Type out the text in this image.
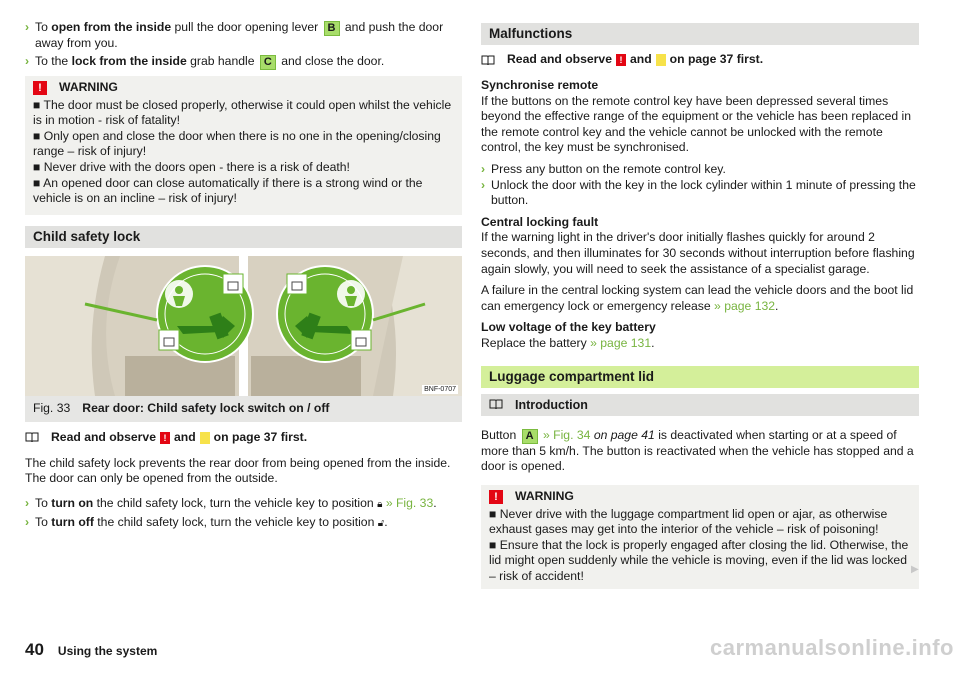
› To open from the inside pull the door opening lever B and push the door away from you.

› To the lock from the inside grab handle C and close the door.

!	WARNING

■ The door must be closed properly, otherwise it could open whilst the vehicle is in motion - risk of fatality!

■ Only open and close the door when there is no one in the opening/closing range – risk of injury!

■ Never drive with the doors open - there is a risk of death!

■ An opened door can close automatically if there is a strong wind or the vehicle is on an incline – risk of injury!

Child safety lock
BNF-0707
Fig. 33 Rear door: Child safety lock switch on / off
Read and observe ! and on page 37 first.

The child safety lock prevents the rear door from being opened from the inside. The door can only be opened from the outside.

› To turn on the child safety lock, turn the vehicle key to position 🔒︎ » Fig. 33.

› To turn off the child safety lock, turn the vehicle key to position 🔓︎.

Malfunctions
Read and observe ! and on page 37 first.

Synchronise remote

If the buttons on the remote control key have been depressed several times beyond the effective range of the equipment or the vehicle has been replaced in the remote control key and the vehicle cannot be unlocked with the remote control, the key must be synchronised.

› Press any button on the remote control key.

› Unlock the door with the key in the lock cylinder within 1 minute of pressing the button.

Central locking fault

If the warning light in the driver's door initially flashes quickly for around 2 seconds, and then illuminates for 30 seconds without interruption before flashing again slowly, you will need to seek the assistance of a specialist garage.

A failure in the central locking system can lead the vehicle doors and the boot lid can emergency lock or emergency release » page 132.

Low voltage of the key battery

Replace the battery » page 131.

Luggage compartment lid
Introduction

Button A » Fig. 34 on page 41 is deactivated when starting or at a speed of more than 5 km/h. The button is reactivated when the vehicle has stopped and a door is opened.

!	WARNING

■ Never drive with the luggage compartment lid open or ajar, as otherwise exhaust gases may get into the interior of the vehicle – risk of poisoning!

■ Ensure that the lock is properly engaged after closing the lid. Otherwise, the lid might open suddenly while the vehicle is moving, even if the lid was locked – risk of accident!	▶
40 Using the system	carmanualsonline.info
